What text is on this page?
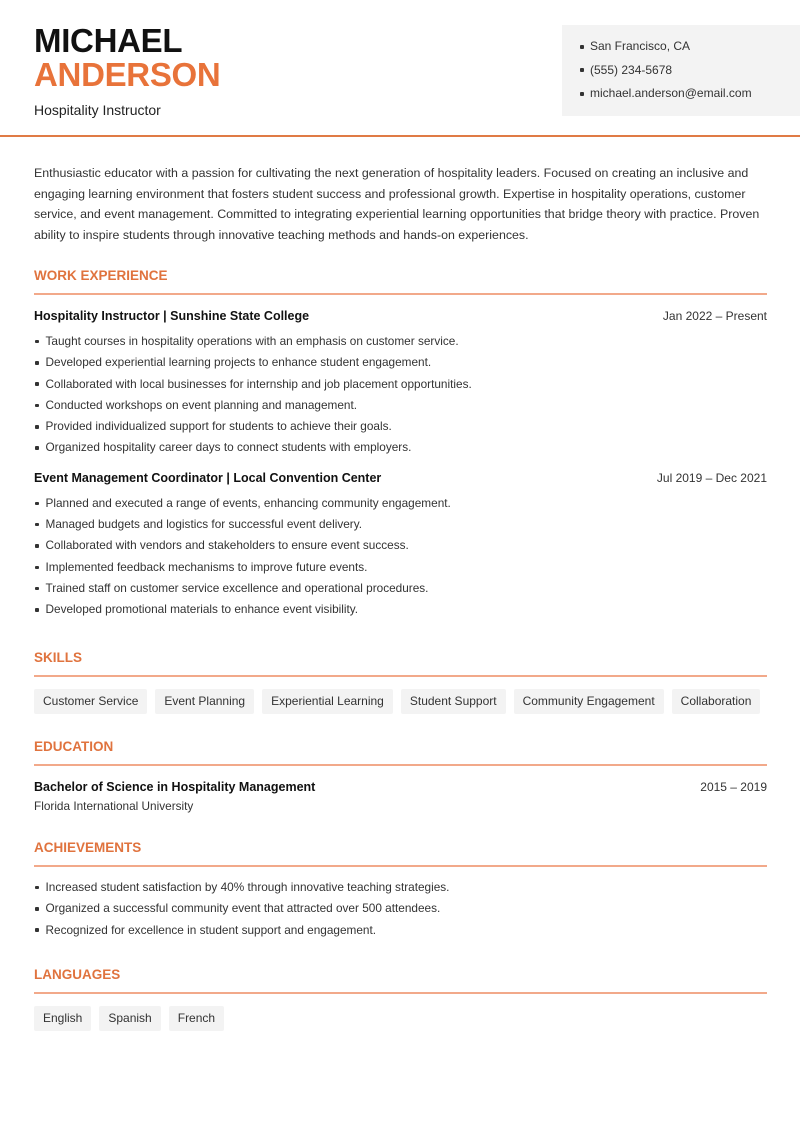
MICHAEL
ANDERSON
Hospitality Instructor
San Francisco, CA
(555) 234-5678
michael.anderson@email.com
Enthusiastic educator with a passion for cultivating the next generation of hospitality leaders. Focused on creating an inclusive and engaging learning environment that fosters student success and professional growth. Expertise in hospitality operations, customer service, and event management. Committed to integrating experiential learning opportunities that bridge theory with practice. Proven ability to inspire students through innovative teaching methods and hands-on experiences.
WORK EXPERIENCE
Hospitality Instructor | Sunshine State College	Jan 2022 – Present
Taught courses in hospitality operations with an emphasis on customer service.
Developed experiential learning projects to enhance student engagement.
Collaborated with local businesses for internship and job placement opportunities.
Conducted workshops on event planning and management.
Provided individualized support for students to achieve their goals.
Organized hospitality career days to connect students with employers.
Event Management Coordinator | Local Convention Center	Jul 2019 – Dec 2021
Planned and executed a range of events, enhancing community engagement.
Managed budgets and logistics for successful event delivery.
Collaborated with vendors and stakeholders to ensure event success.
Implemented feedback mechanisms to improve future events.
Trained staff on customer service excellence and operational procedures.
Developed promotional materials to enhance event visibility.
SKILLS
Customer Service	Event Planning	Experiential Learning	Student Support	Community Engagement	Collaboration
EDUCATION
Bachelor of Science in Hospitality Management	2015 – 2019
Florida International University
ACHIEVEMENTS
Increased student satisfaction by 40% through innovative teaching strategies.
Organized a successful community event that attracted over 500 attendees.
Recognized for excellence in student support and engagement.
LANGUAGES
English	Spanish	French
